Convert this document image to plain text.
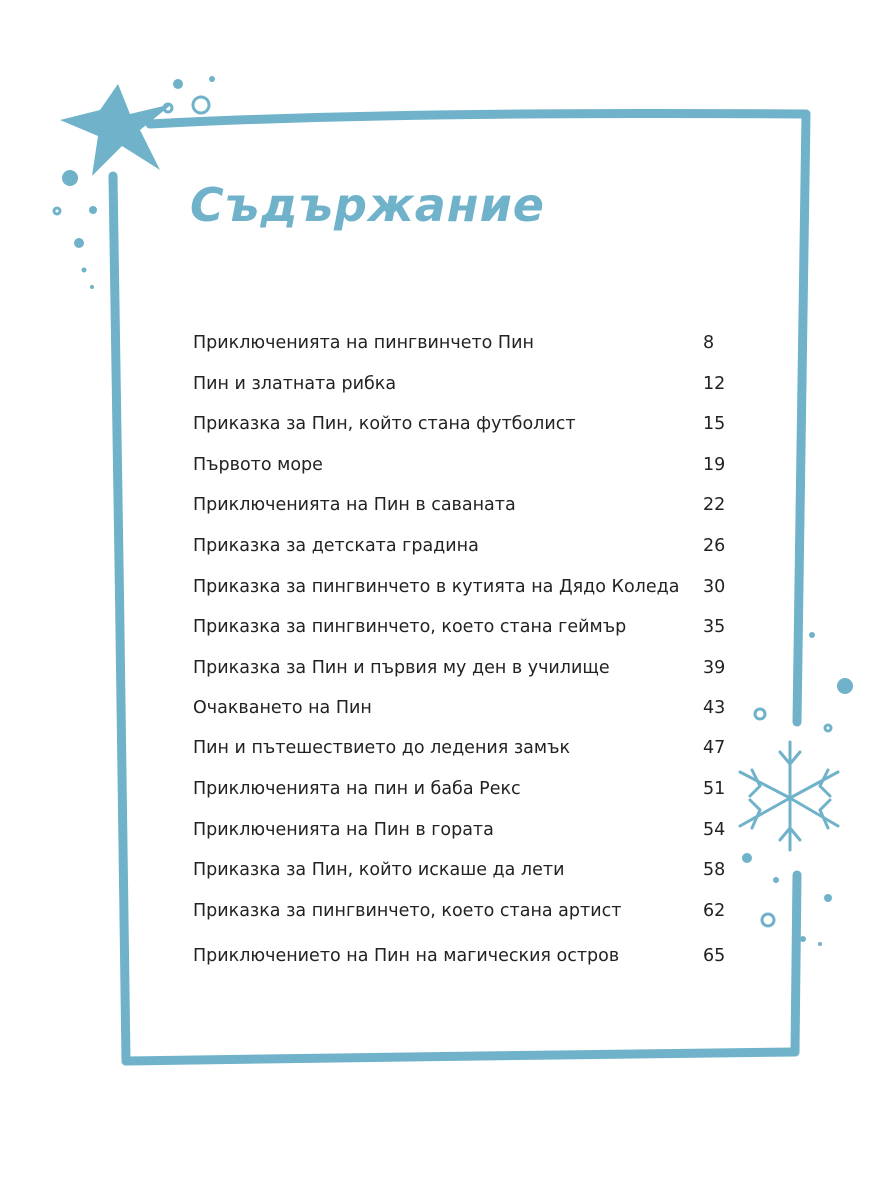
Съдържание
Приключенията на пингвинчето Пин	8
Пин и златната рибка	12
Приказка за Пин, който стана футболист	15
Първото море	19
Приключенията на Пин в саваната	22
Приказка за детската градина	26
Приказка за пингвинчето в кутията на Дядо Коледа 30
Приказка за пингвинчето, което стана геймър	35
Приказка за Пин и първия му ден в училище	39
Очакването на Пин	43
Пин и пътешествието до ледения замък	47
Приключенията на пин и баба Рекс	51
Приключенията на Пин в гората	54
Приказка за Пин, който искаше да лети	58
Приказка за пингвинчето, което стана артист	62
Приключението на Пин на магическия остров	65
